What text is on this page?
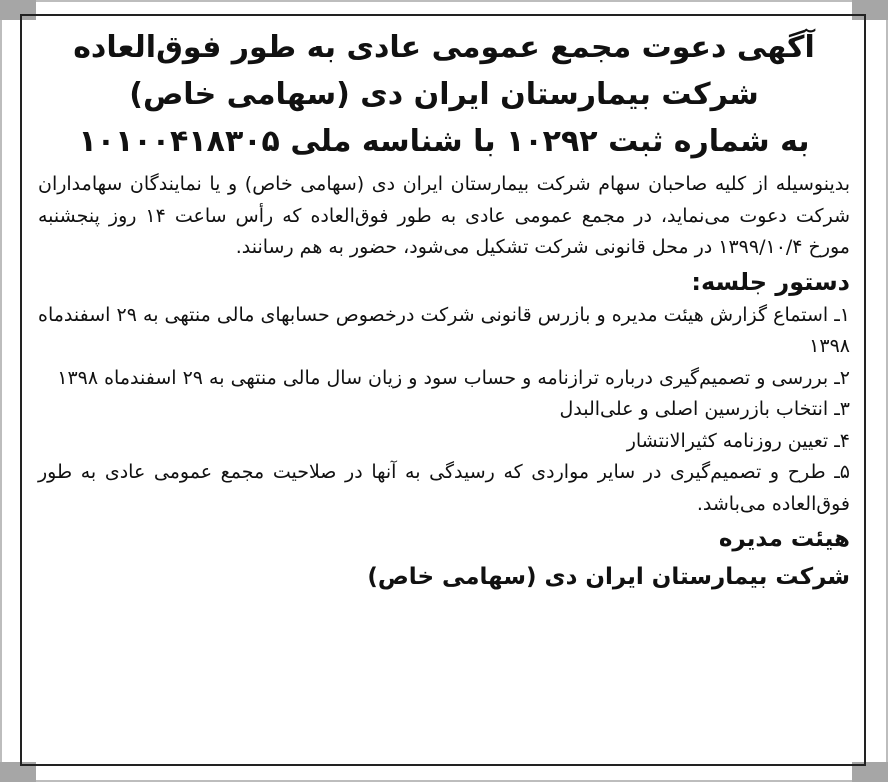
آگهی دعوت مجمع عمومی عادی به طور فوق‌العاده

شرکت بیمارستان ایران دی (سهامی خاص)

به شماره ثبت ۱۰۲۹۲ با شناسه ملی ۱۰۱۰۰۴۱۸۳۰۵

بدینوسیله از کلیه صاحبان سهام شرکت بیمارستان ایران دی (سهامی خاص) و یا نمایندگان سهامداران شرکت دعوت می‌نماید، در مجمع عمومی عادی به طور فوق‌العاده که رأس ساعت ۱۴ روز پنجشنبه مورخ ۱۳۹۹/۱۰/۴ در محل قانونی شرکت تشکیل می‌شود، حضور به هم رسانند.

دستور جلسه:

۱ـ استماع گزارش هیئت مدیره و بازرس قانونی شرکت درخصوص حسابهای مالی منتهی به ۲۹ اسفندماه ۱۳۹۸

۲ـ بررسی و تصمیم‌گیری درباره ترازنامه و حساب سود و زیان سال مالی منتهی به ۲۹ اسفندماه ۱۳۹۸

۳ـ انتخاب بازرسین اصلی و علی‌البدل

۴ـ تعیین روزنامه کثیرالانتشار

۵ـ طرح و تصمیم‌گیری در سایر مواردی که رسیدگی به آنها در صلاحیت مجمع عمومی عادی به طور فوق‌العاده می‌باشد.

هیئت مدیره

شرکت بیمارستان ایران دی (سهامی خاص)
